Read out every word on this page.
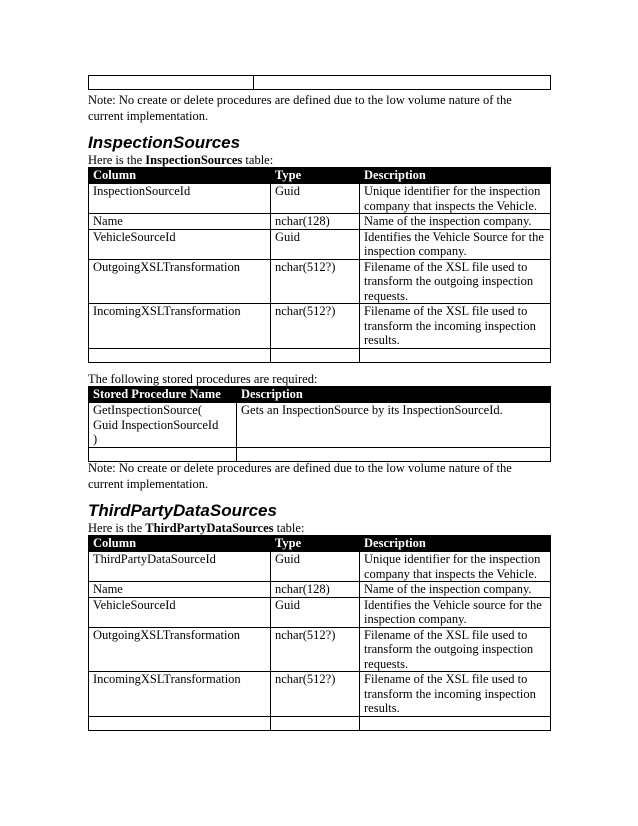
Note: No create or delete procedures are defined due to the low volume nature of the current implementation.
InspectionSources
Here is the InspectionSources table:
Column	Type	Description
InspectionSourceId	Guid	Unique identifier for the inspection company that inspects the Vehicle.
Name	nchar(128)	Name of the inspection company.
VehicleSourceId	Guid	Identifies the Vehicle Source for the inspection company.
OutgoingXSLTransformation	nchar(512?)	Filename of the XSL file used to transform the outgoing inspection requests.
IncomingXSLTransformation	nchar(512?)	Filename of the XSL file used to transform the incoming inspection results.

The following stored procedures are required:
Stored Procedure Name	Description
GetInspectionSource(
Guid InspectionSourceId
)	Gets an InspectionSource by its InspectionSourceId.

Note: No create or delete procedures are defined due to the low volume nature of the current implementation.
ThirdPartyDataSources
Here is the ThirdPartyDataSources table:
Column	Type	Description
ThirdPartyDataSourceId	Guid	Unique identifier for the inspection company that inspects the Vehicle.
Name	nchar(128)	Name of the inspection company.
VehicleSourceId	Guid	Identifies the Vehicle source for the inspection company.
OutgoingXSLTransformation	nchar(512?)	Filename of the XSL file used to transform the outgoing inspection requests.
IncomingXSLTransformation	nchar(512?)	Filename of the XSL file used to transform the incoming inspection results.
